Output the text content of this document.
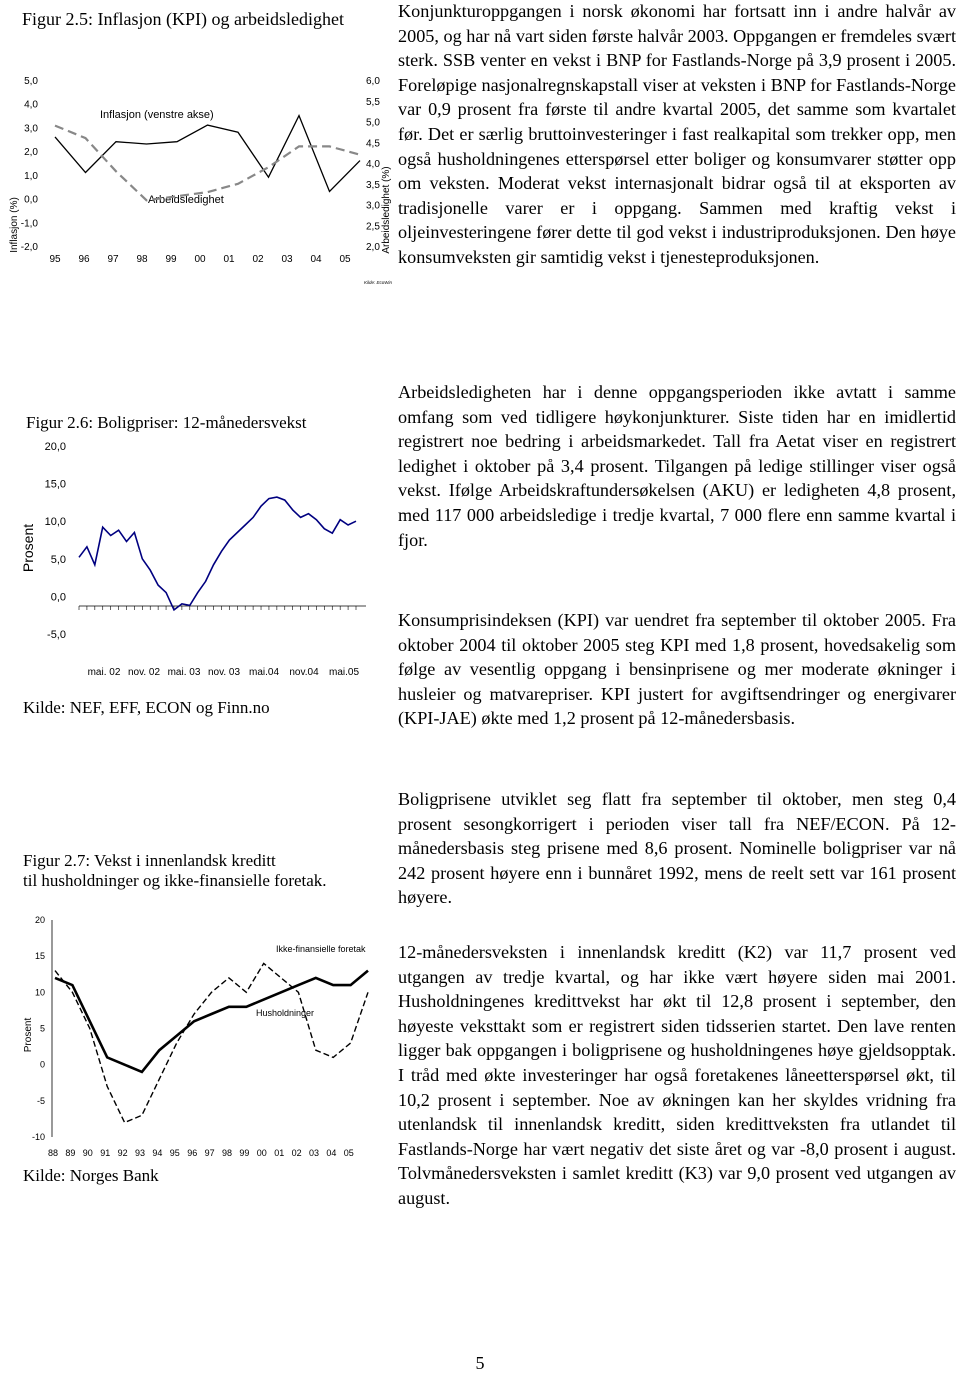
Figur 2.5: Inflasjon (KPI) og arbeidsledighet
5,0
4,0
3,0
2,0
1,0
0,0
-1,0
-2,0
6,0
5,5
5,0
4,5
4,0
3,5
3,0
2,5
2,0
95 96 97 98 99 00 01 02 03 04 05
Inflasjon (%)	Arbeidsledighet (%)
Inflasjon (venstre akse)
Arbeidsledighet
Kilde: EcoWin
Figur 2.6: Boligpriser: 12-månedersvekst
Prosent
20,0
15,0
10,0
5,0
0,0
-5,0
mai. 02 nov. 02 mai. 03 nov. 03 mai.04 nov.04 mai.05
Kilde: NEF, EFF, ECON og Finn.no
Figur 2.7: Vekst i innenlandsk kreditt
til husholdninger og ikke-finansielle foretak.
Prosent
20
15
10
5
0
-5
-10
88 89 90 91 92 93 94 95 96 97 98 99 00 01 02 03 04 05
Ikke-finansielle foretak
Husholdninger
Kilde: Norges Bank

Konjunkturoppgangen i norsk økonomi har fortsatt inn i andre halvår av 2005, og har nå vart siden første halvår 2003. Oppgangen er fremdeles svært sterk. SSB venter en vekst i BNP for Fastlands-Norge på 3,9 prosent i 2005. Foreløpige nasjonalregnskapstall viser at veksten i BNP for Fastlands-Norge var 0,9 prosent fra første til andre kvartal 2005, det samme som kvartalet før. Det er særlig bruttoinvesteringer i fast realkapital som trekker opp, men også husholdningenes etterspørsel etter boliger og konsumvarer støtter opp om veksten. Moderat vekst internasjonalt bidrar også til at eksporten av tradisjonelle varer er i oppgang. Sammen med kraftig vekst i oljeinvesteringene fører dette til god vekst i industriproduksjonen. Den høye konsumveksten gir samtidig vekst i tjenesteproduksjonen.

Arbeidsledigheten har i denne oppgangsperioden ikke avtatt i samme omfang som ved tidligere høykonjunkturer. Siste tiden har en imidlertid registrert noe bedring i arbeidsmarkedet. Tall fra Aetat viser en registrert ledighet i oktober på 3,4 prosent. Tilgangen på ledige stillinger viser også vekst. Ifølge Arbeidskraftundersøkelsen (AKU) er ledigheten 4,8 prosent, med 117 000 arbeidsledige i tredje kvartal, 7 000 flere enn samme kvartal i fjor.

Konsumprisindeksen (KPI) var uendret fra september til oktober 2005. Fra oktober 2004 til oktober 2005 steg KPI med 1,8 prosent, hovedsakelig som følge av vesentlig oppgang i bensinprisene og mer moderate økninger i husleier og matvarepriser. KPI justert for avgiftsendringer og energivarer (KPI-JAE) økte med 1,2 prosent på 12-månedersbasis.

Boligprisene utviklet seg flatt fra september til oktober, men steg 0,4 prosent sesongkorrigert i perioden viser tall fra NEF/ECON. På 12-månedersbasis steg prisene med 8,6 prosent. Nominelle boligpriser var nå 242 prosent høyere enn i bunnåret 1992, mens de reelt sett var 161 prosent høyere.

12-månedersveksten i innenlandsk kreditt (K2) var 11,7 prosent ved utgangen av tredje kvartal, og har ikke vært høyere siden mai 2001. Husholdningenes kredittvekst har økt til 12,8 prosent i september, den høyeste veksttakt som er registrert siden tidsserien startet. Den lave renten ligger bak oppgangen i boligprisene og husholdningenes høye gjeldsopptak. I tråd med økte investeringer har også foretakenes låneetterspørsel økt, til 10,2 prosent i september. Noe av økningen kan her skyldes vridning fra utenlandsk til innenlandsk kreditt, siden kredittveksten fra utlandet til Fastlands-Norge har vært negativ det siste året og var -8,0 prosent i august. Tolvmånedersveksten i samlet kreditt (K3) var 9,0 prosent ved utgangen av august.

5
